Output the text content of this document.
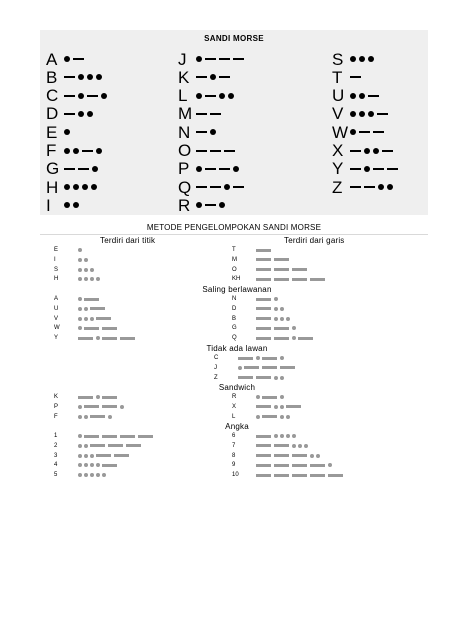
SANDI MORSE
A
B
C
D
E
F
G
H
I
J
K
L
M
N
O
P
Q
R
S
T
U
V
W
X
Y
Z
METODE PENGELOMPOKAN SANDI MORSE
Terdiri dari titik	Terdiri dari garis
Saling berlawanan
Tidak ada lawan
Sandwich
Angka
E
I
S
H
T
M
O
KH
A
U
V
W
Y
N
D
B
G
Q
C
J
Z
K
P
F
R
X
L
1
2
3
4
5
6
7
8
9
10
